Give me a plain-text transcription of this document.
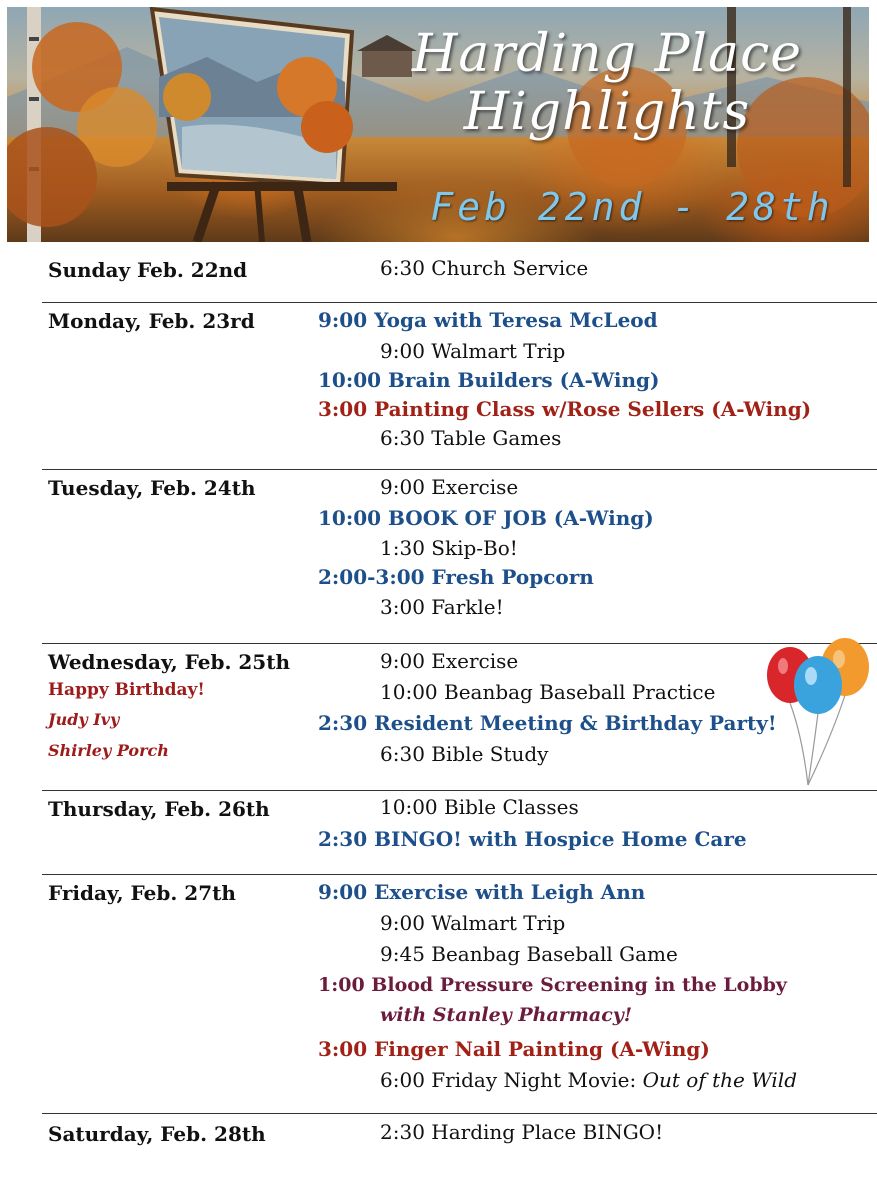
Harding Place
Highlights
Feb 22nd - 28th
Sunday Feb. 22nd	6:30 Church Service
Monday, Feb. 23rd	9:00 Yoga with Teresa McLeod
9:00 Walmart Trip
10:00 Brain Builders (A-Wing)
3:00 Painting Class w/Rose Sellers (A-Wing)
6:30 Table Games
Tuesday, Feb. 24th	9:00 Exercise
10:00 BOOK OF JOB (A-Wing)
1:30 Skip-Bo!
2:00-3:00 Fresh Popcorn
3:00 Farkle!
Wednesday, Feb. 25th
Happy Birthday!
Judy Ivy
Shirley Porch
9:00 Exercise
10:00 Beanbag Baseball Practice
2:30 Resident Meeting & Birthday Party!
6:30 Bible Study
Thursday, Feb. 26th	10:00 Bible Classes
2:30 BINGO! with Hospice Home Care
Friday, Feb. 27th	9:00 Exercise with Leigh Ann
9:00 Walmart Trip
9:45 Beanbag Baseball Game
1:00 Blood Pressure Screening in the Lobby
with Stanley Pharmacy!
3:00 Finger Nail Painting (A-Wing)
6:00 Friday Night Movie: Out of the Wild
Saturday, Feb. 28th	2:30 Harding Place BINGO!
